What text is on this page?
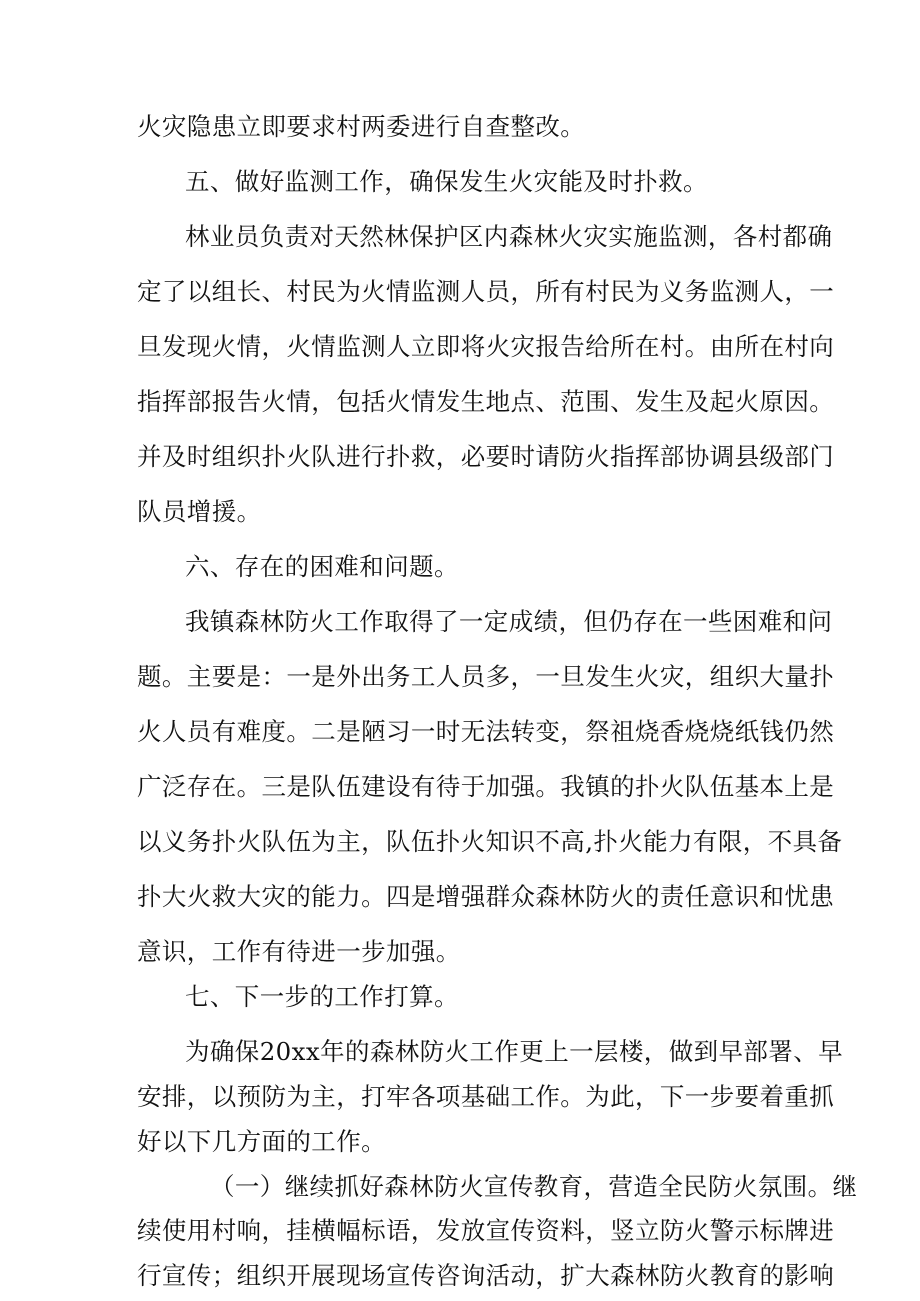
火灾隐患立即要求村两委进行自查整改。
五、做好监测工作，确保发生火灾能及时扑救。
林业员负责对天然林保护区内森林火灾实施监测，各村都确
定了以组长、村民为火情监测人员，所有村民为义务监测人，一
旦发现火情，火情监测人立即将火灾报告给所在村。由所在村向
指挥部报告火情，包括火情发生地点、范围、发生及起火原因。
并及时组织扑火队进行扑救，必要时请防火指挥部协调县级部门
队员增援。
六、存在的困难和问题。
我镇森林防火工作取得了一定成绩，但仍存在一些困难和问
题。主要是：一是外出务工人员多，一旦发生火灾，组织大量扑
火人员有难度。二是陋习一时无法转变，祭祖烧香烧烧纸钱仍然
广泛存在。三是队伍建设有待于加强。我镇的扑火队伍基本上是
以义务扑火队伍为主，队伍扑火知识不高,扑火能力有限，不具备
扑大火救大灾的能力。四是增强群众森林防火的责任意识和忧患
意识，工作有待进一步加强。
七、下一步的工作打算。
为确保20xx年的森林防火工作更上一层楼，做到早部署、早
安排，以预防为主，打牢各项基础工作。为此，下一步要着重抓
好以下几方面的工作。
（一）继续抓好森林防火宣传教育，营造全民防火氛围。继
续使用村响，挂横幅标语，发放宣传资料，竖立防火警示标牌进
行宣传；组织开展现场宣传咨询活动，扩大森林防火教育的影响
